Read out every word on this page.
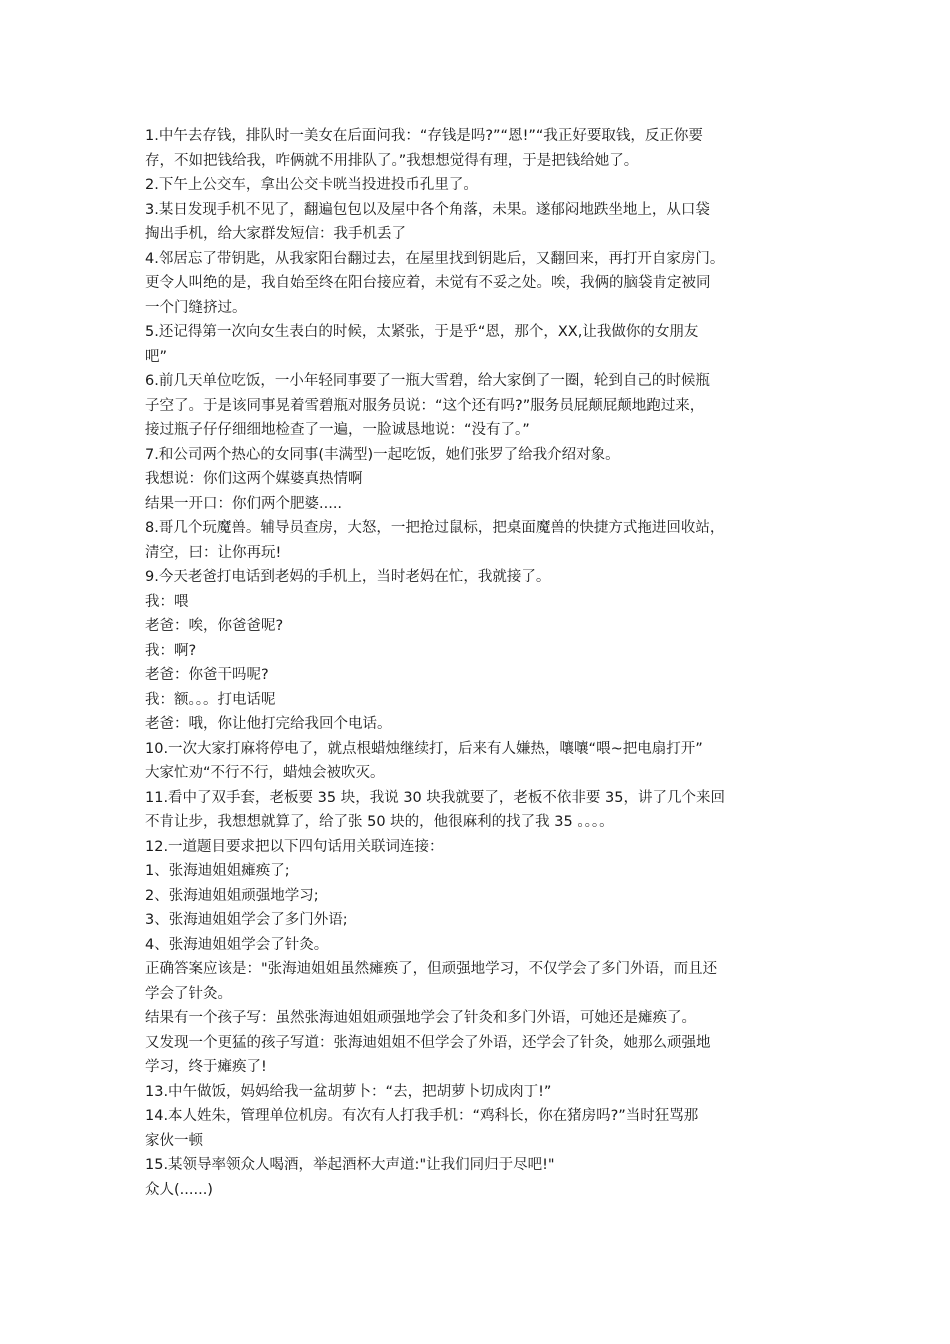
1.中午去存钱，排队时一美女在后面问我：“存钱是吗?”“恩!”“我正好要取钱，反正你要

存，不如把钱给我，咋俩就不用排队了。”我想想觉得有理，于是把钱给她了。

2.下午上公交车，拿出公交卡咣当投进投币孔里了。

3.某日发现手机不见了，翻遍包包以及屋中各个角落，未果。遂郁闷地跌坐地上，从口袋

掏出手机，给大家群发短信：我手机丢了

4.邻居忘了带钥匙，从我家阳台翻过去，在屋里找到钥匙后，又翻回来，再打开自家房门。

更令人叫绝的是，我自始至终在阳台接应着，未觉有不妥之处。唉，我俩的脑袋肯定被同

一个门缝挤过。

5.还记得第一次向女生表白的时候，太紧张，于是乎“恩，那个，XX,让我做你的女朋友

吧”

6.前几天单位吃饭，一小年轻同事要了一瓶大雪碧，给大家倒了一圈，轮到自己的时候瓶

子空了。于是该同事晃着雪碧瓶对服务员说：“这个还有吗?”服务员屁颠屁颠地跑过来，

接过瓶子仔仔细细地检查了一遍，一脸诚恳地说：“没有了。”

7.和公司两个热心的女同事(丰满型)一起吃饭，她们张罗了给我介绍对象。

我想说：你们这两个媒婆真热情啊

结果一开口：你们两个肥婆.....

8.哥几个玩魔兽。辅导员查房，大怒，一把抢过鼠标，把桌面魔兽的快捷方式拖进回收站，

清空，曰：让你再玩!

9.今天老爸打电话到老妈的手机上，当时老妈在忙，我就接了。

我：喂

老爸：唉，你爸爸呢?

我：啊?

老爸：你爸干吗呢?

我：额。。。打电话呢

老爸：哦，你让他打完给我回个电话。

10.一次大家打麻将停电了，就点根蜡烛继续打，后来有人嫌热，嚷嚷“喂~把电扇打开”

大家忙劝“不行不行，蜡烛会被吹灭。

11.看中了双手套，老板要 35 块，我说 30 块我就要了，老板不依非要 35，讲了几个来回

不肯让步，我想想就算了，给了张 50 块的，他很麻利的找了我 35 。。。。

12.一道题目要求把以下四句话用关联词连接：

1、张海迪姐姐瘫痪了;

2、张海迪姐姐顽强地学习;

3、张海迪姐姐学会了多门外语;

4、张海迪姐姐学会了针灸。

正确答案应该是："张海迪姐姐虽然瘫痪了，但顽强地学习，不仅学会了多门外语，而且还

学会了针灸。

结果有一个孩子写：虽然张海迪姐姐顽强地学会了针灸和多门外语，可她还是瘫痪了。

又发现一个更猛的孩子写道：张海迪姐姐不但学会了外语，还学会了针灸，她那么顽强地

学习，终于瘫痪了!

13.中午做饭，妈妈给我一盆胡萝卜：“去，把胡萝卜切成肉丁!”

14.本人姓朱，管理单位机房。有次有人打我手机：“鸡科长，你在猪房吗?”当时狂骂那

家伙一顿

15.某领导率领众人喝酒，举起酒杯大声道:"让我们同归于尽吧!"

众人(......)
